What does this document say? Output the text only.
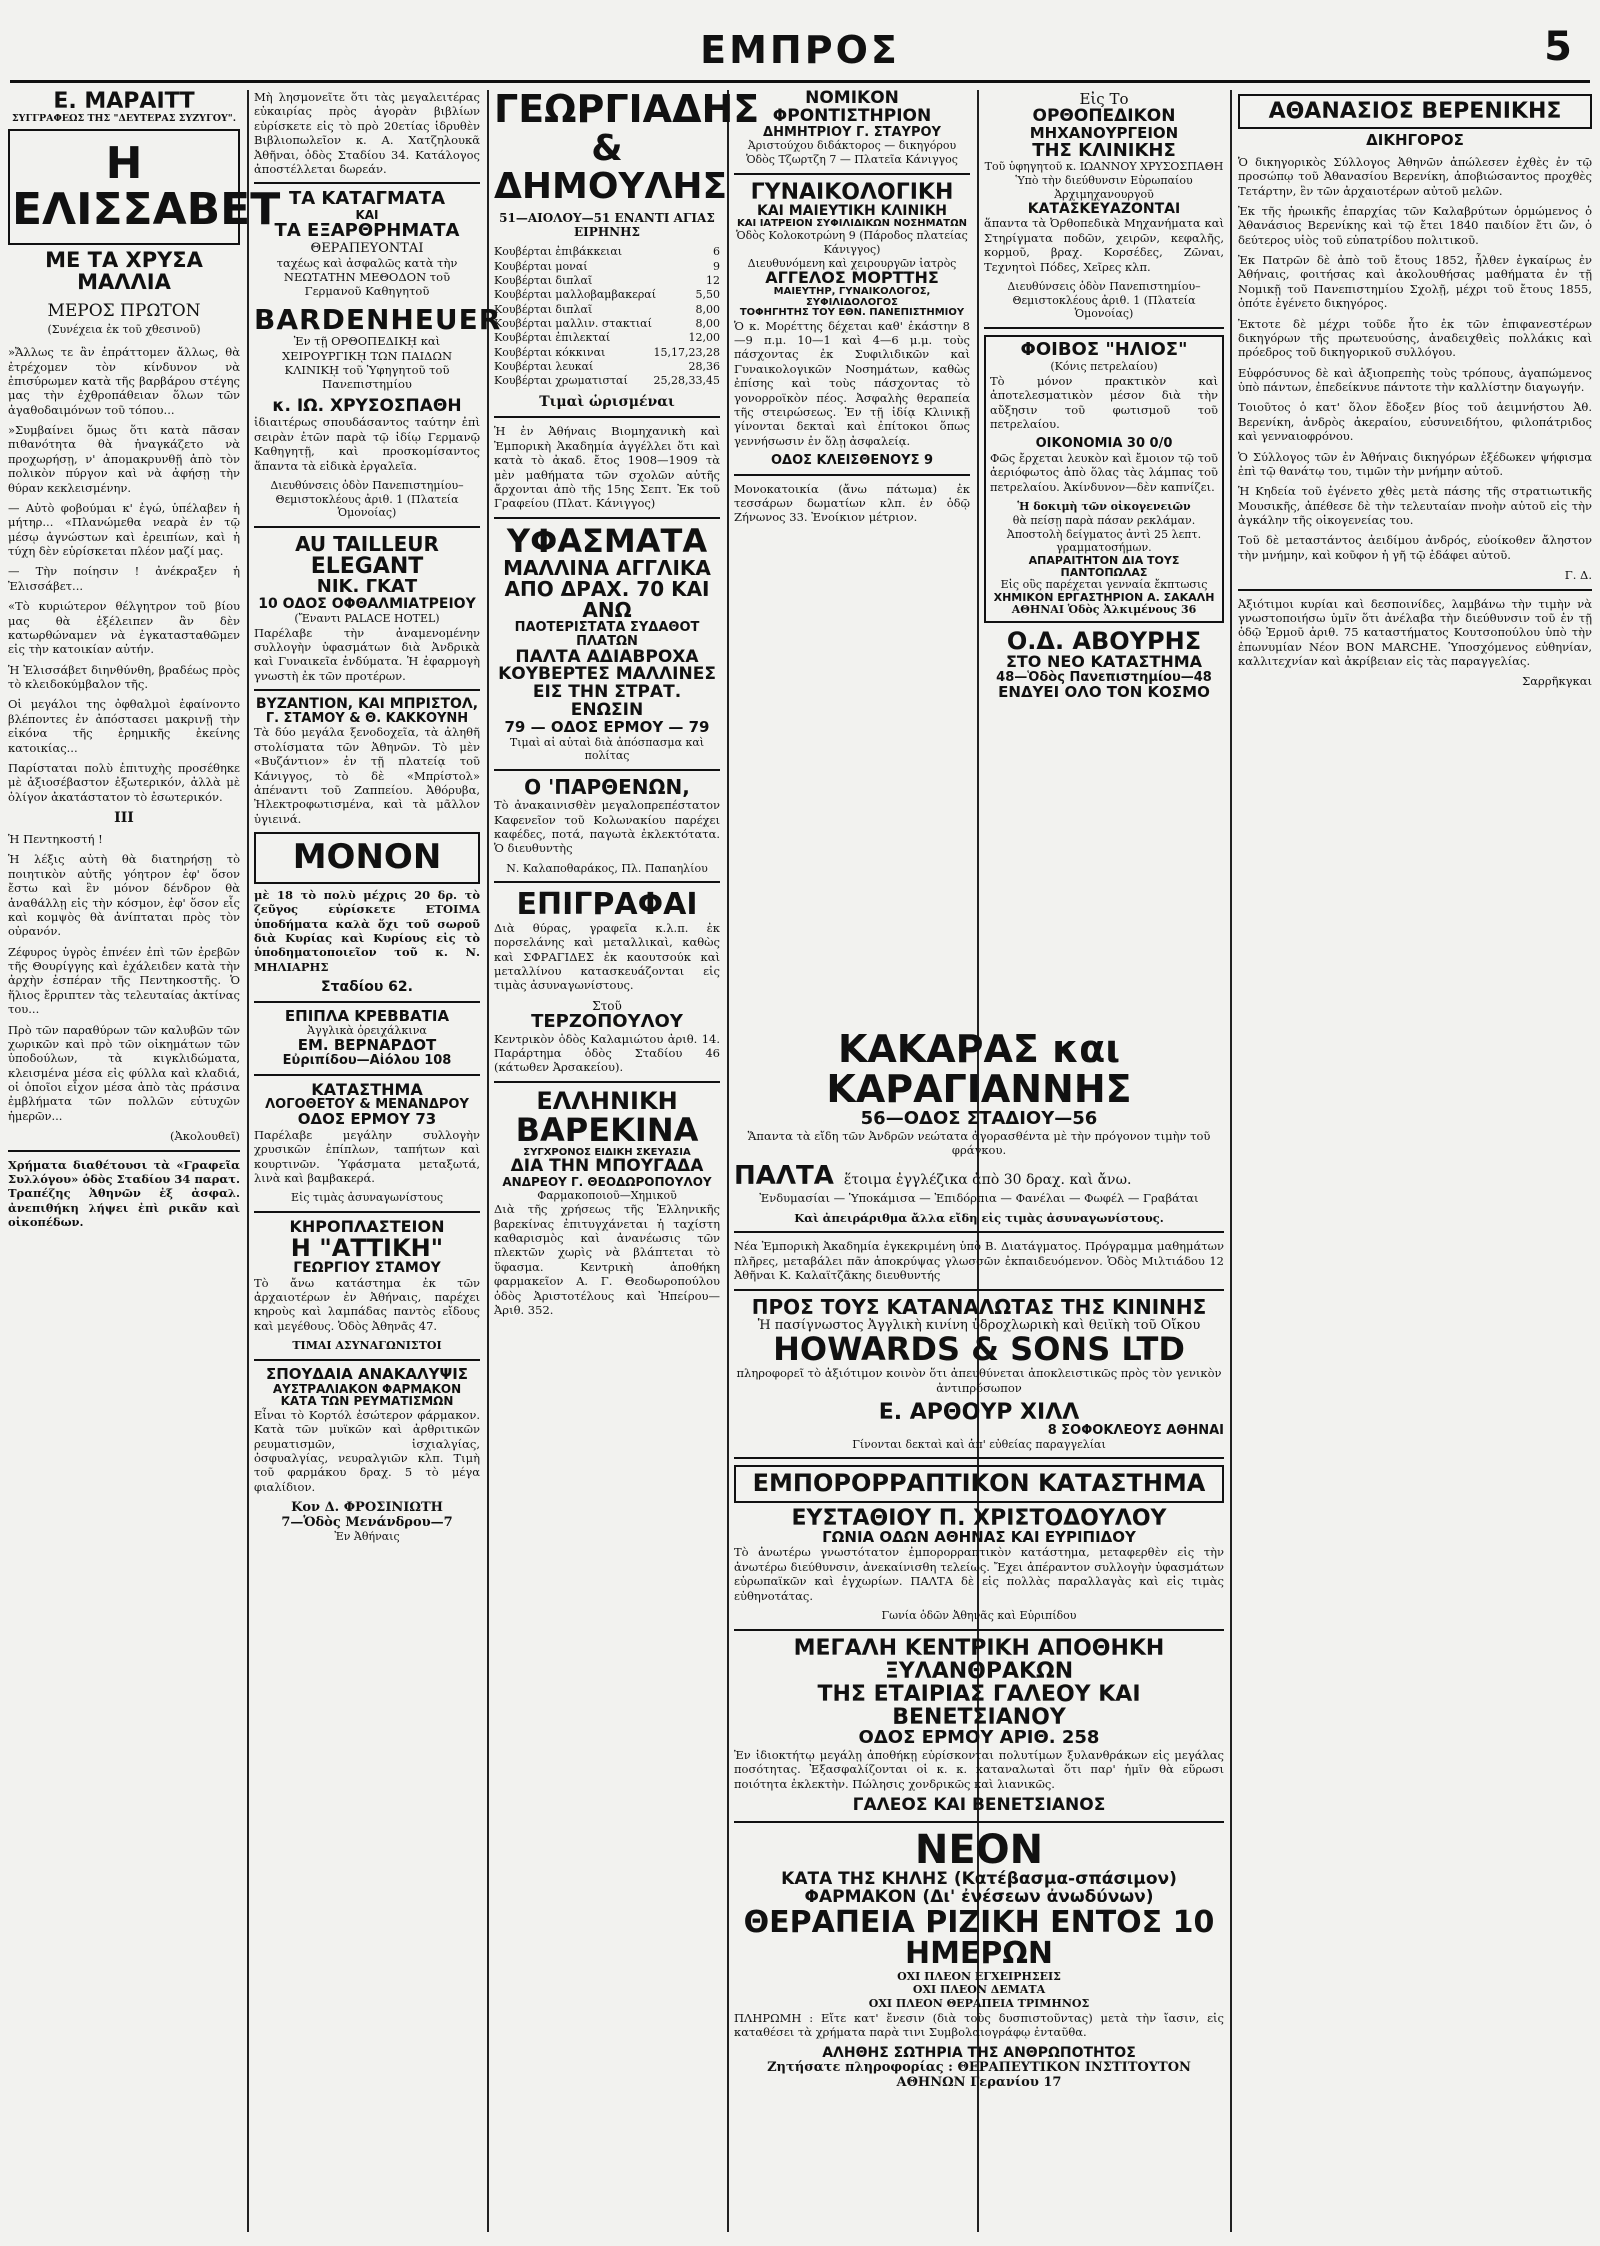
ΕΜΠΡΟΣ	5
Ε. ΜΑΡΑΙΤΤ
ΣΥΓΓΡΑΦΕΩΣ ΤΗΣ "ΔΕΥΤΕΡΑΣ ΣΥΖΥΓΟΥ".
Η ΕΛΙΣΣΑΒΕΤ
ΜΕ ΤΑ ΧΡΥΣΑ ΜΑΛΛΙΑ
ΜΕΡΟΣ ΠΡΩΤΟΝ
(Συνέχεια ἐκ τοῦ χθεσινοῦ)

»Ἄλλως τε ἂν ἐπράττομεν ἄλλως, θὰ ἐτρέχομεν τὸν κίνδυνον νὰ ἐπισύρωμεν κατὰ τῆς βαρβάρου στέγης μας τὴν ἐχθροπάθειαν ὅλων τῶν ἀγαθοδαιμόνων τοῦ τόπου...

»Συμβαίνει ὅμως ὅτι κατὰ πᾶσαν πιθανότητα θὰ ἠναγκάζετο νὰ προχωρήσῃ, ν' ἀπομακρυνθῇ ἀπὸ τὸν πολικὸν πύργον καὶ νὰ ἀφήσῃ τὴν θύραν κεκλεισμένην.

— Αὐτὸ φοβούμαι κ' ἐγώ, ὑπέλαβεν ἡ μήτηρ... «Πλανώμεθα νεαρὰ ἐν τῷ μέσῳ ἀγνώστων καὶ ἐρειπίων, καὶ ἡ τύχη δὲν εὑρίσκεται πλέον μαζί μας.

— Τὴν ποίησιν ! ἀνέκραξεν ἡ Ἐλισσάβετ...

«Τὸ κυριώτερον θέλγητρον τοῦ βίου μας θὰ ἐξέλειπεν ἂν δὲν κατωρθώναμεν νὰ ἐγκατασταθῶμεν εἰς τὴν κατοικίαν αὐτήν.

Ἡ Ἐλισσάβετ διηνθύνθη, βραδέως πρὸς τὸ κλειδοκύμβαλον τῆς.

Οἱ μεγάλοι της ὀφθαλμοὶ ἐφαίνοντο βλέποντες ἐν ἀπόστασει μακρινῇ τὴν εἰκόνα τῆς ἐρημικῆς ἐκείνης κατοικίας...

Παρίσταται πολὺ ἐπιτυχὴς προσέθηκε μὲ ἀξιοσέβαστον ἐξωτερικόν, ἀλλὰ μὲ ὀλίγον ἀκατάστατον τὸ ἐσωτερικόν.

III

Ἡ Πεντηκοστή !

Ἡ λέξις αὐτὴ θὰ διατηρήσῃ τὸ ποιητικὸν αὐτῆς γόητρον ἐφ' ὅσον ἔστω καὶ ἓν μόνον δένδρον θὰ ἀναθάλλῃ εἰς τὴν κόσμον, ἐφ' ὅσον εἷς καὶ κομψὸς θὰ ἀνίπταται πρὸς τὸν οὐρανόν.

Ζέφυρος ὑγρὸς ἐπνέεν ἐπὶ τῶν ἐρεβῶν τῆς Θουρίγγης καὶ ἐχάλειδεν κατὰ τὴν ἀρχὴν ἑσπέραν τῆς Πεντηκοστῆς. Ὁ ἥλιος ἔρριπτεν τὰς τελευταίας ἀκτίνας του...

Πρὸ τῶν παραθύρων τῶν καλυβῶν τῶν χωρικῶν καὶ πρὸ τῶν οἰκημάτων τῶν ὑποδούλων, τὰ κιγκλιδώματα, κλεισμένα μέσα εἰς φύλλα καὶ κλαδιά, οἱ ὁποῖοι εἶχον μέσα ἀπὸ τὰς πράσινα ἐμβλήματα τῶν πολλῶν εὐτυχῶν ἡμερῶν...

(Ἀκολουθεῖ)

Χρήματα διαθέτουσι τὰ «Γραφεῖα Συλλόγου» ὁδὸς Σταδίου 34 παρατ. Τραπέζης Ἀθηνῶν ἐξ ἀσφαλ. ἀνεπιθήκη λήψει ἐπὶ ρικᾶν καὶ οἰκοπέδων.

Μὴ λησμονεῖτε ὅτι τὰς μεγαλειτέρας εὐκαιρίας πρὸς ἀγορὰν βιβλίων εὑρίσκετε εἰς τὸ πρὸ 20ετίας ἱδρυθὲν Βιβλιοπωλεῖον κ. Α. Χατζηλουκᾶ Ἀθῆναι, ὁδὸς Σταδίου 34. Κατάλογος ἀποστέλλεται δωρεάν.

ΤΑ ΚΑΤΑΓΜΑΤΑ
ΚΑΙ
ΤΑ ΕΞΑΡΘΡΗΜΑΤΑ
ΘΕΡΑΠΕΥΟΝΤΑΙ

ταχέως καὶ ἀσφαλῶς κατὰ τὴν ΝΕΩΤΑΤΗΝ ΜΕΘΟΔΟΝ τοῦ Γερμανοῦ Καθηγητοῦ

BARDENHEUER

Ἐν τῇ ΟΡΘΟΠΕΔΙΚῌ καὶ ΧΕΙΡΟΥΡΓΙΚῌ ΤΩΝ ΠΑΙΔΩΝ ΚΛΙΝΙΚῌ τοῦ Ὑφηγητοῦ τοῦ Πανεπιστημίου

κ. ΙΩ. ΧΡΥΣΟΣΠΑΘΗ

ἰδιαιτέρως σπουδάσαντος ταύτην ἐπὶ σειρὰν ἐτῶν παρὰ τῷ ἰδίῳ Γερμανῷ Καθηγητῇ, καὶ προσκομίσαντος ἅπαντα τὰ εἰδικὰ ἐργαλεῖα.

Διευθύνσεις ὁδὸν Πανεπιστημίου–Θεμιστοκλέους ἀριθ. 1 (Πλατεία Ὁμονοίας)

AU TAILLEUR
ELEGANT
ΝΙΚ. ΓΚΑΤ
10 ΟΔΟΣ ΟΦΘΑΛΜΙΑΤΡΕΙΟΥ
(Ἔναντι PALACE HOTEL)

Παρέλαβε τὴν ἀναμενομένην συλλογὴν ὑφασμάτων διὰ Ἀνδρικὰ καὶ Γυναικεῖα ἐνδύματα. Ἡ ἐφαρμογὴ γνωστὴ ἐκ τῶν προτέρων.

ΒΥΖΑΝΤΙΟΝ, ΚΑΙ ΜΠΡΙΣΤΟΛ,
Γ. ΣΤΑΜΟΥ & Θ. ΚΑΚΚΟΥΝΗ

Τὰ δύο μεγάλα ξενοδοχεῖα, τὰ ἀληθῆ στολίσματα τῶν Ἀθηνῶν. Τὸ μὲν «Βυζάντιον» ἐν τῇ πλατείᾳ τοῦ Κάνιγγος, τὸ δὲ «Μπρίστολ» ἀπέναντι τοῦ Ζαππείου. Ἀθόρυβα, Ἠλεκτροφωτισμένα, καὶ τὰ μᾶλλον ὑγιεινά.

ΜΟΝΟΝ

μὲ 18 τὸ πολὺ μέχρις 20 δρ. τὸ ζεῦγος εὑρίσκετε ΕΤΟΙΜΑ ὑποδήματα καλὰ ὅχι τοῦ σωροῦ διὰ Κυρίας καὶ Κυρίους εἰς τὸ ὑποδηματοποιεῖον τοῦ κ. Ν. ΜΗΛΙΑΡΗΣ

Σταδίου 62.
ΕΠΙΠΛΑ ΚΡΕΒΒΑΤΙΑ
Ἀγγλικὰ ὀρειχάλκινα
ΕΜ. ΒΕΡΝΑΡΔΟΤ
Εὐριπίδου—Αἰόλου 108
ΚΑΤΑΣΤΗΜΑ
ΛΟΓΟΘΕΤΟΥ & ΜΕΝΑΝΔΡΟΥ
ΟΔΟΣ ΕΡΜΟΥ 73

Παρέλαβε μεγάλην συλλογὴν χρυσικῶν ἐπίπλων, ταπήτων καὶ κουρτινῶν. Ὑφάσματα μεταξωτά, λινὰ καὶ βαμβακερά.

Εἰς τιμὰς ἀσυναγωνίστους
ΚΗΡΟΠΛΑΣΤΕΙΟΝ
Η "ΑΤΤΙΚΗ"
ΓΕΩΡΓΙΟΥ ΣΤΑΜΟΥ

Τὸ ἄνω κατάστημα ἐκ τῶν ἀρχαιοτέρων ἐν Ἀθήναις, παρέχει κηροὺς καὶ λαμπάδας παντὸς εἴδους καὶ μεγέθους. Ὁδὸς Ἀθηνᾶς 47.

ΤΙΜΑΙ ΑΣΥΝΑΓΩΝΙΣΤΟΙ
ΣΠΟΥΔΑΙΑ ΑΝΑΚΑΛΥΨΙΣ
ΑΥΣΤΡΑΛΙΑΚΟΝ ΦΑΡΜΑΚΟΝ
ΚΑΤΑ ΤΩΝ ΡΕΥΜΑΤΙΣΜΩΝ

Εἶναι τὸ Κορτόλ ἐσώτερον φάρμακον. Κατὰ τῶν μυϊκῶν καὶ ἀρθριτικῶν ρευματισμῶν, ἰσχιαλγίας, ὀσφυαλγίας, νευραλγιῶν κλπ. Τιμὴ τοῦ φαρμάκου δραχ. 5 τὸ μέγα φιαλίδιον.

Κον Δ. ΦΡΟΣΙΝΙΩΤΗ
7—Ὁδὸς Μενάνδρου—7
Ἐν Ἀθήναις
ΓΕΩΡΓΙΑΔΗΣ
& ΔΗΜΟΥΛΗΣ
51—ΑΙΟΛΟΥ—51 ΕΝΑΝΤΙ ΑΓΙΑΣ ΕΙΡΗΝΗΣ
Κουβέρται ἐπιβάκκειαι	6
Κουβέρται μοναί	9
Κουβέρται διπλαῖ	12
Κουβέρται μαλλοβαμβακεραί	5,50
Κουβέρται διπλαῖ	8,00
Κουβέρται μαλλιν. στακτιαί	8,00
Κουβέρται ἐπιλεκταί	12,00
Κουβέρται κόκκιναι	15,17,23,28
Κουβέρται λευκαί	28,36
Κουβέρται χρωματισταί 25,28,33,45
Τιμαὶ ὡρισμέναι

Ἡ ἐν Ἀθήναις Βιομηχανικὴ καὶ Ἐμπορικὴ Ἀκαδημία ἀγγέλλει ὅτι καὶ κατὰ τὸ ἀκαδ. ἔτος 1908—1909 τὰ μὲν μαθήματα τῶν σχολῶν αὐτῆς ἄρχονται ἀπὸ τῆς 15ης Σεπτ. Ἐκ τοῦ Γραφείου (Πλατ. Κάνιγγος)

ΥΦΑΣΜΑΤΑ
ΜΑΛΛΙΝΑ ΑΓΓΛΙΚΑ
ΑΠΟ ΔΡΑΧ. 70 ΚΑΙ ΑΝΩ
ΠΑΟΤΕΡΙΣΤΑΤΑ ΣΥΔΑΘΟΤ ΠΛΑΤΩΝ
ΠΑΛΤΑ ΑΔΙΑΒΡΟΧΑ
ΚΟΥΒΕΡΤΕΣ ΜΑΛΛΙΝΕΣ
ΕΙΣ ΤΗΝ ΣΤΡΑΤ. ΕΝΩΣΙΝ
79 — ΟΔΟΣ ΕΡΜΟΥ — 79
Τιμαὶ αἱ αὐταὶ διὰ ἀπόσπασμα καὶ πολίτας
Ο 'ΠΑΡΘΕΝΩΝ,

Τὸ ἀνακαινισθὲν μεγαλοπρεπέστατον Καφενεῖον τοῦ Κολωνακίου παρέχει καφέδες, ποτά, παγωτὰ ἐκλεκτότατα. Ὁ διευθυντὴς

Ν. Καλαποθαράκος, Πλ. Παπαηλίου
ΕΠΙΓΡΑΦΑΙ

Διὰ θύρας, γραφεῖα κ.λ.π. ἐκ πορσελάνης καὶ μεταλλικαὶ, καθὼς καὶ ΣΦΡΑΓΙΔΕΣ ἐκ καουτσούκ καὶ μεταλλίνου κατασκευάζονται εἰς τιμὰς ἀσυναγωνίστους.

Στοῦ
ΤΕΡΖΟΠΟΥΛΟΥ

Κεντρικὸν ὁδὸς Καλαμιώτου ἀριθ. 14. Παράρτημα ὁδὸς Σταδίου 46 (κάτωθεν Ἀρσακείου).

ΕΛΛΗΝΙΚΗ
ΒΑΡΕΚΙΝΑ
ΣΥΓΧΡΟΝΟΣ ΕΙΔΙΚΗ ΣΚΕΥΑΣΙΑ
ΔΙΑ ΤΗΝ ΜΠΟΥΓΑΔΑ
ΑΝΔΡΕΟΥ Γ. ΘΕΟΔΩΡΟΠΟΥΛΟΥ
Φαρμακοποιοῦ—Χημικοῦ

Διὰ τῆς χρήσεως τῆς Ἑλληνικῆς βαρεκίνας ἐπιτυγχάνεται ἡ ταχίστη καθαρισμὸς καὶ ἀνανέωσις τῶν πλεκτῶν χωρὶς νὰ βλάπτεται τὸ ὕφασμα. Κεντρικὴ ἀποθήκη φαρμακεῖον Α. Γ. Θεοδωροπούλου ὁδὸς Ἀριστοτέλους καὶ Ἠπείρου—Ἀριθ. 352.

ΝΟΜΙΚΟΝ ΦΡΟΝΤΙΣΤΗΡΙΟΝ
ΔΗΜΗΤΡΙΟΥ Γ. ΣΤΑΥΡΟΥ
Ἀριστούχου διδάκτορος — δικηγόρου
Ὁδὸς Τζωρτζη 7 — Πλατεῖα Κάνιγγος
ΓΥΝΑΙΚΟΛΟΓΙΚΗ
ΚΑΙ ΜΑΙΕΥΤΙΚΗ ΚΛΙΝΙΚΗ
ΚΑΙ ΙΑΤΡΕΙΟΝ ΣΥΦΙΛΙΔΙΚΩΝ ΝΟΣΗΜΑΤΩΝ
Ὁδὸς Κολοκοτρώνη 9 (Πάροδος πλατείας Κάνιγγος)
Διευθυνόμενη καὶ χειρουργῶν ἰατρὸς
ΑΓΓΕΛΟΣ ΜΟΡΤΤΗΣ
ΜΑΙΕΥΤΗΡ, ΓΥΝΑΙΚΟΛΟΓΟΣ, ΣΥΦΙΛΙΔΟΛΟΓΟΣ
ΤΟΦΗΓΗΤΗΣ ΤΟΥ ΕΘΝ. ΠΑΝΕΠΙΣΤΗΜΙΟΥ

Ὁ κ. Μορέττης δέχεται καθ' ἑκάστην 8—9 π.μ. 10—1 καὶ 4—6 μ.μ. τοὺς πάσχοντας ἐκ Συφιλιδικῶν καὶ Γυναικολογικῶν Νοσημάτων, καθὼς ἐπίσης καὶ τοὺς πάσχοντας τὸ γονορροϊκὸν πέος. Ἀσφαλὴς θεραπεία τῆς στειρώσεως. Ἐν τῇ ἰδίᾳ Κλινικῇ γίνονται δεκταὶ καὶ ἐπίτοκοι ὅπως γεννήσωσιν ἐν ὅλῃ ἀσφαλείᾳ.

ΟΔΟΣ ΚΛΕΙΣΘΕΝΟΥΣ 9

Μονοκατοικία (ἄνω πάτωμα) ἐκ τεσσάρων δωματίων κλπ. ἐν ὁδῷ Ζήνωνος 33. Ἐνοίκιον μέτριον.

Εἰς Το
ΟΡΘΟΠΕΔΙΚΟΝ
ΜΗΧΑΝΟΥΡΓΕΙΟΝ
ΤΗΣ ΚΛΙΝΙΚΗΣ
Τοῦ ὑφηγητοῦ κ. ΙΩΑΝΝΟΥ ΧΡΥΣΟΣΠΑΘΗ
Ὑπὸ τὴν διεύθυνσιν Εὐρωπαίου Ἀρχιμηχανουργοῦ
ΚΑΤΑΣΚΕΥΑΖΟΝΤΑΙ

ἅπαντα τὰ Ὀρθοπεδικὰ Μηχανήματα καὶ Στηρίγματα ποδῶν, χειρῶν, κεφαλῆς, κορμοῦ, βραχ. Κορσέδες, Ζῶναι, Τεχνητοὶ Πόδες, Χεῖρες κλπ.

Διευθύνσεις ὁδὸν Πανεπιστημίου–Θεμιστοκλέους ἀριθ. 1 (Πλατεία Ὁμονοίας)
ΦΟΙΒΟΣ "ΗΛΙΟΣ"
(Κόνις πετρελαίου)

Τὸ μόνον πρακτικὸν καὶ ἀποτελεσματικὸν μέσον διὰ τὴν αὔξησιν τοῦ φωτισμοῦ τοῦ πετρελαίου.

ΟΙΚΟΝΟΜΙΑ 30 0/0

Φῶς ἔρχεται λευκὸν καὶ ἔμοιον τῷ τοῦ ἀεριόφωτος ἀπὸ ὅλας τὰς λάμπας τοῦ πετρελαίου. Ἀκίνδυνον—δὲν καπνίζει.

Ἡ δοκιμὴ τῶν οἰκογενειῶν
θὰ πείσῃ παρὰ πάσαν ρεκλάμαν.
Ἀποστολὴ δείγματος ἀντὶ 25 λεπτ. γραμματοσήμων.
ΑΠΑΡΑΙΤΗΤΟΝ ΔΙΑ ΤΟΥΣ ΠΑΝΤΟΠΩΛΑΣ
Εἰς οὓς παρέχεται γενναία ἔκπτωσις
ΧΗΜΙΚΟΝ ΕΡΓΑΣΤΗΡΙΟΝ Α. ΣΑΚΑΛΗ
ΑΘΗΝΑΙ Ὁδὸς Ἀλκιμένους 36
Ο.Δ. ΑΒΟΥΡΗΣ
ΣΤΟ ΝΕΟ ΚΑΤΑΣΤΗΜΑ
48—Ὁδὸς Πανεπιστημίου—48
ΕΝΔΥΕΙ ΟΛΟ ΤΟΝ ΚΟΣΜΟ
ΚΑΚΑΡΑΣ και ΚΑΡΑΓΙΑΝΝΗΣ
56—ΟΔΟΣ ΣΤΑΔΙΟΥ—56

Ἅπαντα τὰ εἴδη τῶν Ἀνδρῶν νεώτατα ἀγορασθέντα μὲ τὴν πρόγονον τιμὴν τοῦ φράγκου.

ΠΑΛΤΑ ἕτοιμα ἐγγλέζικα ἀπὸ 30 δραχ. καὶ ἄνω.

Ἐνδυμασίαι — Ὑποκάμισα — Ἐπιδόρπια — Φανέλαι — Φωφέλ — Γραβάται

Καὶ ἀπειράριθμα ἄλλα εἴδη εἰς τιμὰς ἀσυναγωνίστους.

Νέα Ἐμπορικὴ Ἀκαδημία ἐγκεκριμένη ὑπὸ Β. Διατάγματος. Πρόγραμμα μαθημάτων πλῆρες, μεταβάλει πᾶν ἀποκρύψας γλωσσῶν ἐκπαιδευόμενον. Ὁδὸς Μιλτιάδου 12 Ἀθῆναι Κ. Καλαϊτζᾶκης διευθυντής

ΠΡΟΣ ΤΟΥΣ ΚΑΤΑΝΑΛΩΤΑΣ ΤΗΣ ΚΙΝΙΝΗΣ
Ἡ πασίγνωστος Ἀγγλικὴ κινίνη ὑδροχλωρικὴ καὶ θειϊκὴ τοῦ Οἴκου
HOWARDS & SONS LTD

πληροφορεῖ τὸ ἀξιότιμον κοινὸν ὅτι ἀπευθύνεται ἀποκλειστικῶς πρὸς τὸν γενικὸν ἀντιπρόσωπον

Ε. ΑΡΘΟΥΡ ΧΙΛΛ
8 ΣΟΦΟΚΛΕΟΥΣ ΑΘΗΝΑΙ
Γίνονται δεκταὶ καὶ ἀπ' εὐθείας παραγγελίαι
ΕΜΠΟΡΟΡΡΑΠΤΙΚΟΝ ΚΑΤΑΣΤΗΜΑ
ΕΥΣΤΑΘΙΟΥ Π. ΧΡΙΣΤΟΔΟΥΛΟΥ
ΓΩΝΙΑ ΟΔΩΝ ΑΘΗΝΑΣ ΚΑΙ ΕΥΡΙΠΙΔΟΥ

Τὸ ἀνωτέρω γνωστότατον ἐμπορορραπτικὸν κατάστημα, μεταφερθὲν εἰς τὴν ἀνωτέρω διεύθυνσιν, ἀνεκαίνισθη τελείως. Ἔχει ἀπέραντον συλλογὴν ὑφασμάτων εὐρωπαϊκῶν καὶ ἐγχωρίων. ΠΑΛΤΑ δὲ εἰς πολλὰς παραλλαγὰς καὶ εἰς τιμὰς εὐθηνοτάτας.

Γωνία ὁδῶν Ἀθηνᾶς καὶ Εὐριπίδου
ΜΕΓΑΛΗ ΚΕΝΤΡΙΚΗ ΑΠΟΘΗΚΗ ΞΥΛΑΝΘΡΑΚΩΝ
ΤΗΣ ΕΤΑΙΡΙΑΣ ΓΑΛΕΟΥ ΚΑΙ ΒΕΝΕΤΣΙΑΝΟΥ
ΟΔΟΣ ΕΡΜΟΥ ΑΡΙΘ. 258

Ἐν ἰδιοκτήτῳ μεγάλῃ ἀποθήκῃ εὑρίσκονται πολυτίμων ξυλανθράκων εἰς μεγάλας ποσότητας. Ἐξασφαλίζονται οἱ κ. κ. καταναλωταὶ ὅτι παρ' ἡμῖν θὰ εὕρωσι ποιότητα ἐκλεκτὴν. Πώλησις χονδρικῶς καὶ λιανικῶς.

ΓΑΛΕΟΣ ΚΑΙ ΒΕΝΕΤΣΙΑΝΟΣ
ΝΕΟΝ
ΚΑΤΑ ΤΗΣ ΚΗΛΗΣ (Κατέβασμα-σπάσιμον)
ΦΑΡΜΑΚΟΝ (Δι' ἐνέσεων ἀνωδύνων)
ΘΕΡΑΠΕΙΑ ΡΙΖΙΚΗ ΕΝΤΟΣ 10 ΗΜΕΡΩΝ
ΟΧΙ ΠΛΕΟΝ ΕΓΧΕΙΡΗΣΕΙΣ
ΟΧΙ ΠΛΕΟΝ ΔΕΜΑΤΑ
ΟΧΙ ΠΛΕΟΝ ΘΕΡΑΠΕΙΑ ΤΡΙΜΗΝΟΣ

ΠΛΗΡΩΜΗ : Εἴτε κατ' ἔνεσιν (διὰ τοὺς δυσπιστοῦντας) μετὰ τὴν ἴασιν, εἰς καταθέσει τὰ χρήματα παρὰ τινι Συμβολαιογράφῳ ἐνταῦθα.

ΑΛΗΘΗΣ ΣΩΤΗΡΙΑ ΤΗΣ ΑΝΘΡΩΠΟΤΗΤΟΣ
Ζητήσατε πληροφορίας : ΘΕΡΑΠΕΥΤΙΚΟΝ ΙΝΣΤΙΤΟΥΤΟΝ ΑΘΗΝΩΝ Γερανίου 17
ΑΘΑΝΑΣΙΟΣ ΒΕΡΕΝΙΚΗΣ
ΔΙΚΗΓΟΡΟΣ

Ὁ δικηγορικὸς Σύλλογος Ἀθηνῶν ἀπώλεσεν ἐχθὲς ἐν τῷ προσώπῳ τοῦ Ἀθανασίου Βερενίκη, ἀποβιώσαντος προχθὲς Τετάρτην, ἓν τῶν ἀρχαιοτέρων αὐτοῦ μελῶν.

Ἐκ τῆς ἡρωικῆς ἐπαρχίας τῶν Καλαβρύτων ὁρμώμενος ὁ Ἀθανάσιος Βερενίκης καὶ τῷ ἔτει 1840 παιδίον ἔτι ὤν, ὁ δεύτερος υἱὸς τοῦ εὐπατρίδου πολιτικοῦ.

Ἐκ Πατρῶν δὲ ἀπὸ τοῦ ἔτους 1852, ἦλθεν ἐγκαίρως ἐν Ἀθήναις, φοιτήσας καὶ ἀκολουθήσας μαθήματα ἐν τῇ Νομικῇ τοῦ Πανεπιστημίου Σχολῇ, μέχρι τοῦ ἔτους 1855, ὁπότε ἐγένετο δικηγόρος.

Ἐκτοτε δὲ μέχρι τοῦδε ἦτο ἐκ τῶν ἐπιφανεστέρων δικηγόρων τῆς πρωτευούσης, ἀναδειχθεὶς πολλάκις καὶ πρόεδρος τοῦ δικηγορικοῦ συλλόγου.

Εὐφρόσυνος δὲ καὶ ἀξιοπρεπὴς τοὺς τρόπους, ἀγαπώμενος ὑπὸ πάντων, ἐπεδείκνυε πάντοτε τὴν καλλίστην διαγωγήν.

Τοιοῦτος ὁ κατ' ὅλον ἔδοξεν βίος τοῦ ἀειμνήστου Ἀθ. Βερενίκη, ἀνδρὸς ἀκεραίου, εὐσυνειδήτου, φιλοπάτριδος καὶ γενναιοφρόνου.

Ὁ Σύλλογος τῶν ἐν Ἀθήναις δικηγόρων ἐξέδωκεν ψήφισμα ἐπὶ τῷ θανάτῳ του, τιμῶν τὴν μνήμην αὐτοῦ.

Ἡ Κηδεία τοῦ ἐγένετο χθὲς μετὰ πάσης τῆς στρατιωτικῆς Μουσικῆς, ἀπέθεσε δὲ τὴν τελευταίαν πνοὴν αὐτοῦ εἰς τὴν ἀγκάλην τῆς οἰκογενείας του.

Τοῦ δὲ μεταστάντος ἀειδίμου ἀνδρός, εὐοίκοθεν ἄληστον τὴν μνήμην, καὶ κοῦφον ἡ γῆ τῷ ἐδάφει αὐτοῦ.

Γ. Δ.

Ἀξιότιμοι κυρίαι καὶ δεσποινίδες, λαμβάνω τὴν τιμὴν νὰ γνωστοποιήσω ὑμῖν ὅτι ἀνέλαβα τὴν διεύθυνσιν τοῦ ἐν τῇ ὁδῷ Ἑρμοῦ ἀριθ. 75 καταστήματος Κουτσοπούλου ὑπὸ τὴν ἐπωνυμίαν Νέον BON MARCHE. Ὑποσχόμενος εὐθηνίαν, καλλιτεχνίαν καὶ ἀκρίβειαν εἰς τὰς παραγγελίας.

Σαρρῆκγκαι
